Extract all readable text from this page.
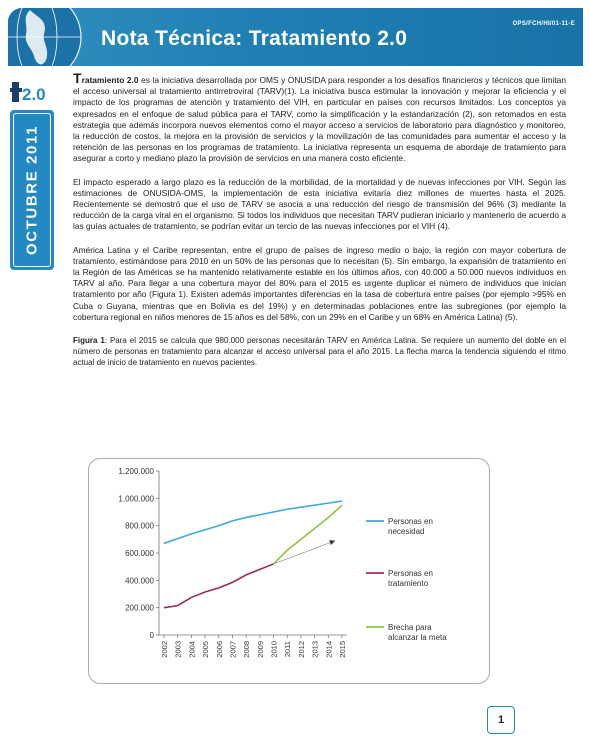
Nota Técnica: Tratamiento 2.0
OPS/FCH/HI/01-11-E
2.0
OCTUBRE 2011

Tratamiento 2.0 es la iniciativa desarrollada por OMS y ONUSIDA para responder a los desafíos financieros y técnicos que limitan el acceso universal al tratamiento antirretroviral (TARV)(1). La iniciativa busca estimular la innovación y mejorar la eficiencia y el impacto de los programas de atención y tratamiento del VIH, en particular en países con recursos limitados. Los conceptos ya expresados en el enfoque de salud pública para el TARV, como la simplificación y la estandarización (2), son retomados en esta estrategia que además incorpora nuevos elementos como el mayor acceso a servicios de laboratorio para diagnóstico y monitoreo, la reducción de costos, la mejora en la provisión de servicios y la movilización de las comunidades para aumentar el acceso y la retención de las personas en los programas de tratamiento. La iniciativa representa un esquema de abordaje de tratamiento para asegurar a corto y mediano plazo la provisión de servicios en una manera costo eficiente.

El impacto esperado a largo plazo es la reducción de la morbilidad, de la mortalidad y de nuevas infecciones por VIH. Según las estimaciones de ONUSIDA-OMS, la implementación de esta iniciativa evitaría diez millones de muertes hasta el 2025. Recientemente se demostró que el uso de TARV se asocia a una reducción del riesgo de transmisión del 96% (3) mediante la reducción de la carga viral en el organismo. Si todos los individuos que necesitan TARV pudieran iniciarlo y mantenerlo de acuerdo a las guías actuales de tratamiento, se podrían evitar un tercio de las nuevas infecciones por el VIH (4).

América Latina y el Caribe representan, entre el grupo de países de ingreso medio o bajo, la región con mayor cobertura de tratamiento, estimándose para 2010 en un 50% de las personas que lo necesitan (5). Sin embargo, la expansión de tratamiento en la Región de las Américas se ha mantenido relativamente estable en los últimos años, con 40.000 a 50.000 nuevos individuos en TARV al año. Para llegar a una cobertura mayor del 80% para el 2015 es urgente duplicar el número de individuos que inician tratamiento por año (Figura 1). Existen además importantes diferencias en la tasa de cobertura entre países (por ejemplo >95% en Cuba o Guyana, mientras que en Bolivia es del 19%) y en determinadas poblaciones entre las subregiones (por ejemplo la cobertura regional en niños menores de 15 años es del 58%, con un 29% en el Caribe y un 68% en América Latina) (5).

Figura 1: Para el 2015 se calcula que 980.000 personas necesitarán TARV en América Latina. Se requiere un aumento del doble en el número de personas en tratamiento para alcanzar el acceso universal para el año 2015. La flecha marca la tendencia siguiendo el ritmo actual de inicio de tratamiento en nuevos pacientes.
0
200.000
400.000
600.000
800.000
1.000.000
1.200.000
2002 2003 2004 2005 2006 2007 2008 2009 2010 2011 2012 2013 2014 2015
Personas en
necesidad
Personas en
tratamiento
Brecha para
alcanzar la meta
1
